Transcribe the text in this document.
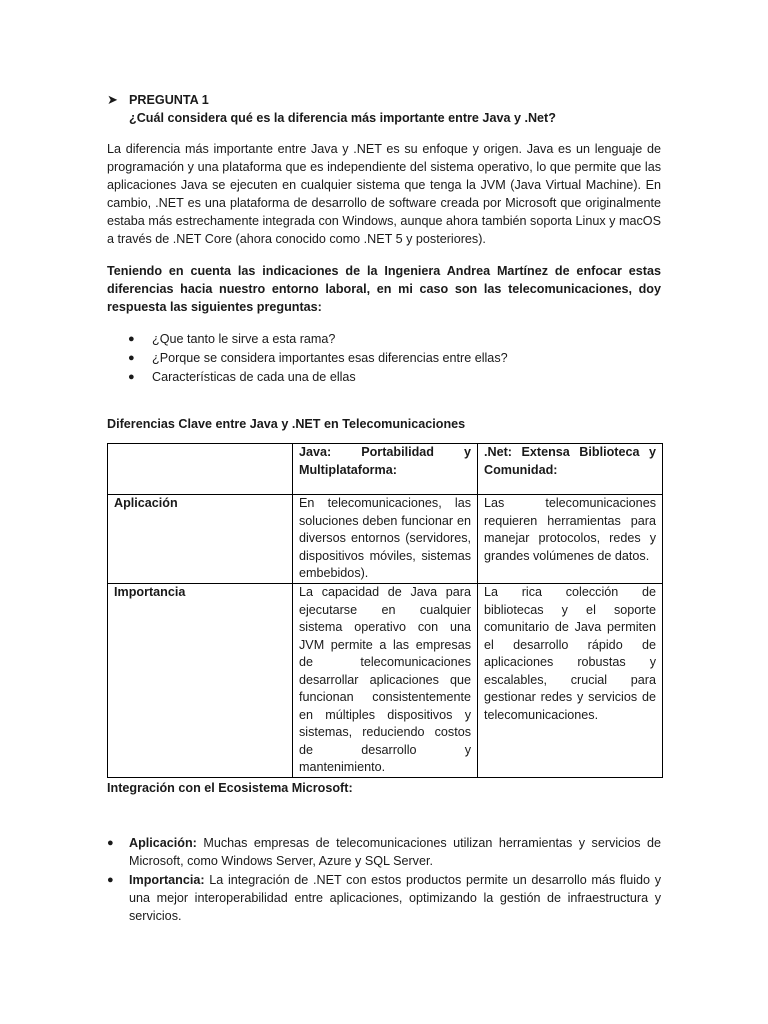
➤ PREGUNTA 1
¿Cuál considera qué es la diferencia más importante entre Java y .Net?

La diferencia más importante entre Java y .NET es su enfoque y origen. Java es un lenguaje de programación y una plataforma que es independiente del sistema operativo, lo que permite que las aplicaciones Java se ejecuten en cualquier sistema que tenga la JVM (Java Virtual Machine). En cambio, .NET es una plataforma de desarrollo de software creada por Microsoft que originalmente estaba más estrechamente integrada con Windows, aunque ahora también soporta Linux y macOS a través de .NET Core (ahora conocido como .NET 5 y posteriores).

Teniendo en cuenta las indicaciones de la Ingeniera Andrea Martínez de enfocar estas diferencias hacia nuestro entorno laboral, en mi caso son las telecomunicaciones, doy respuesta las siguientes preguntas:

●	¿Que tanto le sirve a esta rama?
●	¿Porque se considera importantes esas diferencias entre ellas?
●	Características de cada una de ellas

Diferencias Clave entre Java y .NET en Telecomunicaciones

	Java: Portabilidad y Multiplataforma:	.Net: Extensa Biblioteca y Comunidad:
Aplicación	En telecomunicaciones, las soluciones deben funcionar en diversos entornos (servidores, dispositivos móviles, sistemas embebidos).	Las telecomunicaciones requieren herramientas para manejar protocolos, redes y grandes volúmenes de datos.
Importancia	La capacidad de Java para ejecutarse en cualquier sistema operativo con una JVM permite a las empresas de telecomunicaciones desarrollar aplicaciones que funcionan consistentemente en múltiples dispositivos y sistemas, reduciendo costos de desarrollo y mantenimiento.	La rica colección de bibliotecas y el soporte comunitario de Java permiten el desarrollo rápido de aplicaciones robustas y escalables, crucial para gestionar redes y servicios de telecomunicaciones.

Integración con el Ecosistema Microsoft:

●	Aplicación: Muchas empresas de telecomunicaciones utilizan herramientas y servicios de Microsoft, como Windows Server, Azure y SQL Server.
●	Importancia: La integración de .NET con estos productos permite un desarrollo más fluido y una mejor interoperabilidad entre aplicaciones, optimizando la gestión de infraestructura y servicios.
